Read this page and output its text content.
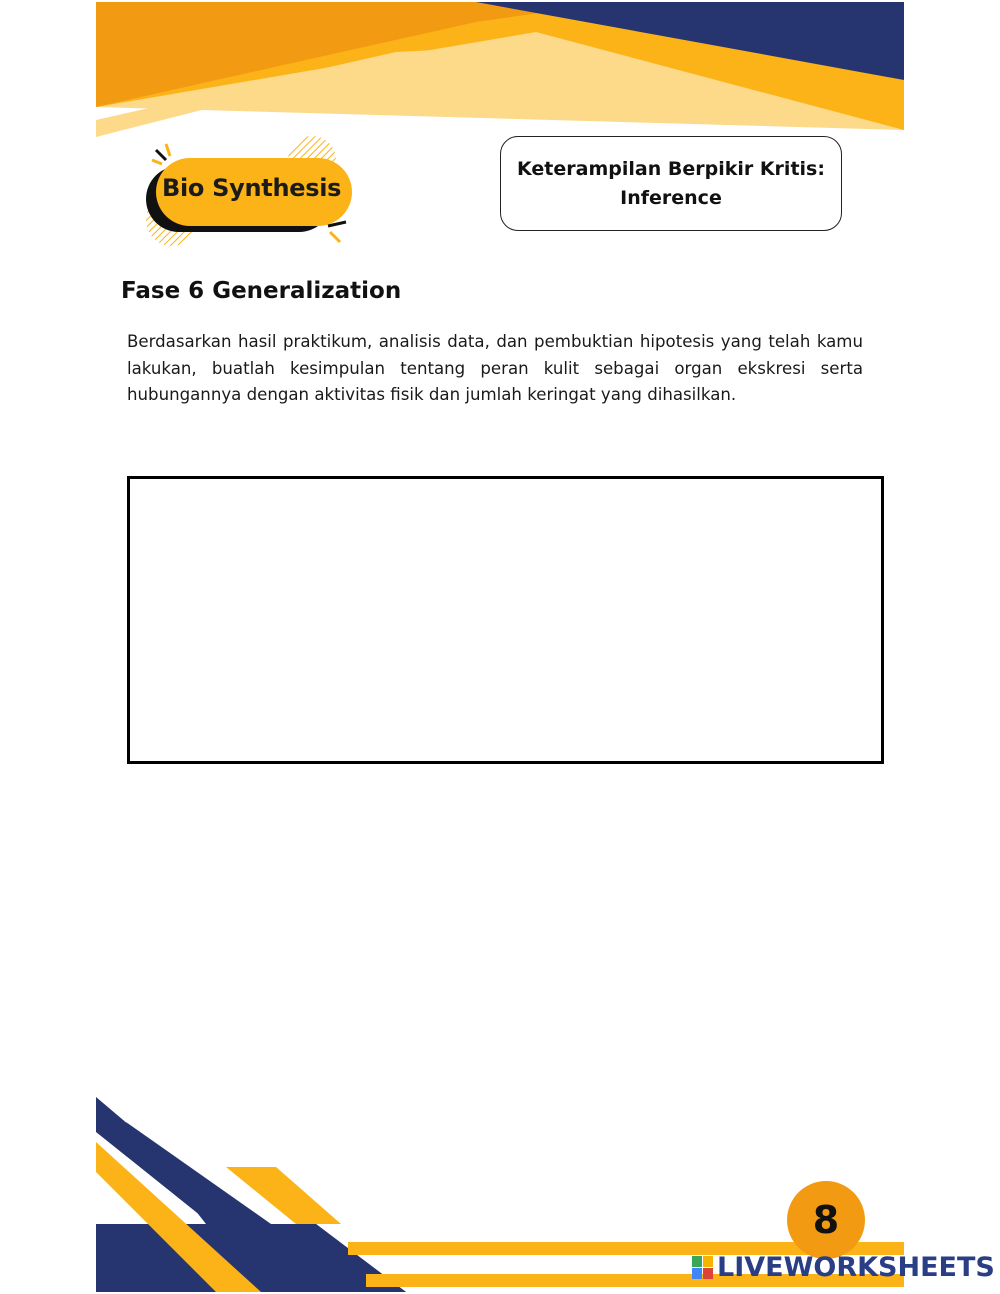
Bio Synthesis
Keterampilan Berpikir Kritis:
Inference
Fase 6 Generalization

Berdasarkan hasil praktikum, analisis data, dan pembuktian hipotesis yang telah kamu lakukan, buatlah kesimpulan tentang peran kulit sebagai organ ekskresi serta hubungannya dengan aktivitas fisik dan jumlah keringat yang dihasilkan.

8
LIVEWORKSHEETS
